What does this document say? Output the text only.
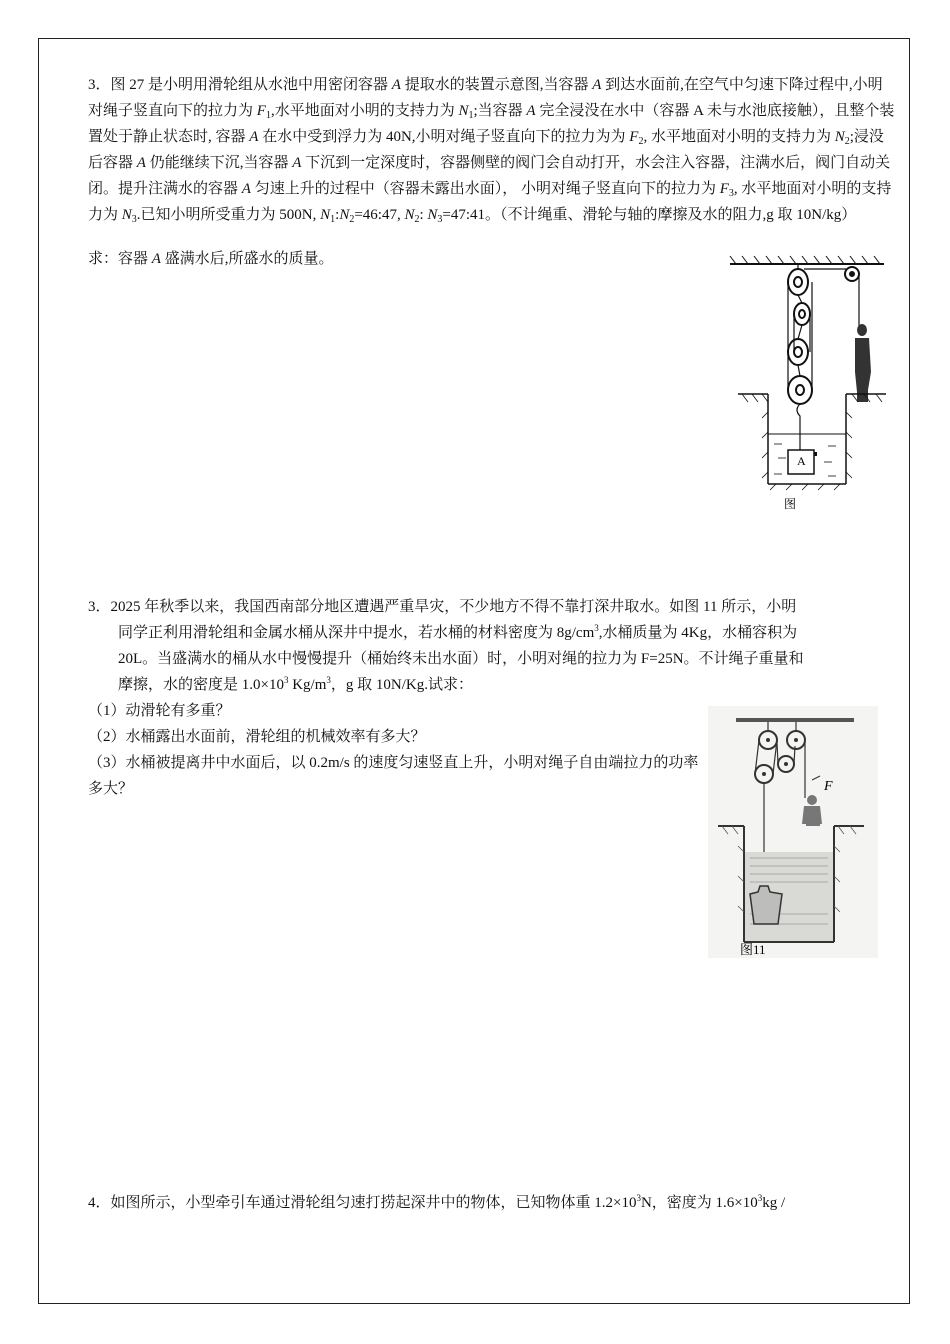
3．图 27 是小明用滑轮组从水池中用密闭容器 A 提取水的装置示意图,当容器 A 到达水面前,在空气中匀速下降过程中,小明对绳子竖直向下的拉力为 $F_1$,水平地面对小明的支持力为 $N_1$;当容器 A 完全浸没在水中（容器 A 未与水池底接触），且整个装置处于静止状态时, 容器 A 在水中受到浮力为 40N,小明对绳子竖直向下的拉力为为 $F_2$, 水平地面对小明的支持力为 $N_2$;浸没后容器 A 仍能继续下沉,当容器 A 下沉到一定深度时，容器侧壁的阀门会自动打开，水会注入容器，注满水后，阀门自动关闭。提升注满水的容器 A 匀速上升的过程中（容器未露出水面）， 小明对绳子竖直向下的拉力为 $F_3$, 水平地面对小明的支持力为 $N_3$.已知小明所受重力为 500N, $N_1:N_2=46:47$, $N_2$: $N_3=47:41$。（不计绳重、滑轮与轴的摩擦及水的阻力,g 取 10N/kg）

求：容器 A 盛满水后,所盛水的质量。

A
图

3．2025 年秋季以来，我国西南部分地区遭遇严重旱灾，不少地方不得不靠打深井取水。如图 11 所示，小明
同学正利用滑轮组和金属水桶从深井中提水，若水桶的材料密度为 $8g/cm^3$,水桶质量为 4Kg，水桶容积为
20L。当盛满水的桶从水中慢慢提升（桶始终未出水面）时，小明对绳的拉力为 F=25N。不计绳子重量和
摩擦，水的密度是 $1.0\times 10^3$ $Kg/m^3$，g 取 10N/Kg.试求：

（1）动滑轮有多重？
（2）水桶露出水面前，滑轮组的机械效率有多大？
（3）水桶被提离井中水面后，以 0.2m/s 的速度匀速竖直上升，小明对绳子自由端拉力的功率多大？	F
图11

4．如图所示，小型牵引车通过滑轮组匀速打捞起深井中的物体，已知物体重 $1.2\times 10^3N$，密度为 $1.6\times 10^3kg$ /
